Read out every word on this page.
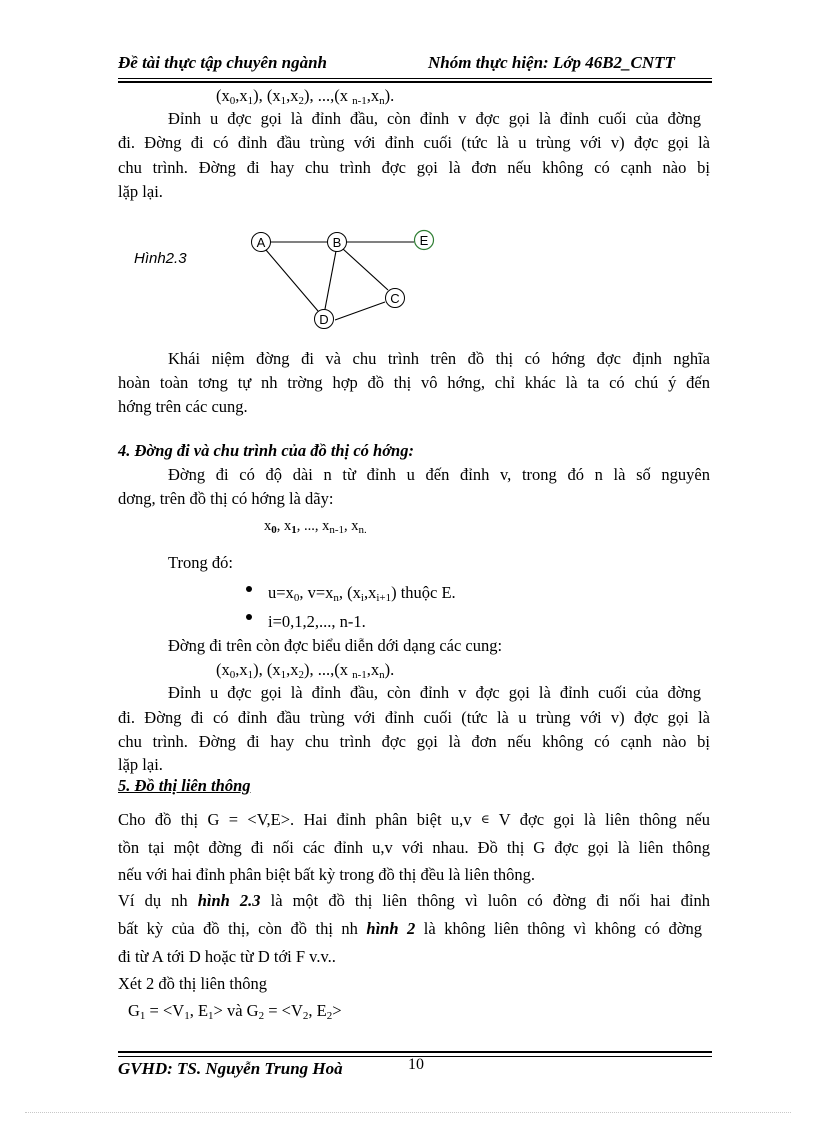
Đề tài thực tập chuyên ngành	Nhóm thực hiện: Lớp 46B2_CNTT
$(x_0,x_1)$, $(x_1,x_2)$, ...,(x $_{n-1},x_n$).
Đỉnh u đợc gọi là đỉnh đầu, còn đỉnh v đợc gọi là đỉnh cuối của đờng
đi. Đờng đi có đỉnh đầu trùng với đỉnh cuối (tức là u trùng với v) đợc gọi là
chu trình. Đờng đi hay chu trình đợc gọi là đơn nếu không có cạnh nào bị
lặp lại.
Hình2.3
A	B	E
C
D
Khái niệm đờng đi và chu trình trên đồ thị có hớng đợc định nghĩa
hoàn toàn tơng tự nh trờng hợp đồ thị vô hớng, chỉ khác là ta có chú ý đến
hớng trên các cung.
4. Đờng đi và chu trình của đồ thị có hớng:
Đờng đi có độ dài n từ đỉnh u đến đỉnh v, trong đó n là số nguyên
dơng, trên đồ thị có hớng là dãy:
$x_0$, $x_1$, ..., $x_{n-1}$, $x_{n.}$
Trong đó:
$u=x_0$, $v=x_n$, $(x_i,x_{i+1})$ thuộc E.
i=0,1,2,..., n-1.
Đờng đi trên còn đợc biểu diễn dới dạng các cung:
$(x_0,x_1)$, $(x_1,x_2)$, ...,(x $_{n-1},x_n$).
Đỉnh u đợc gọi là đỉnh đầu, còn đỉnh v đợc gọi là đỉnh cuối của đờng
đi. Đờng đi có đỉnh đầu trùng với đỉnh cuối (tức là u trùng với v) đợc gọi là
chu trình. Đờng đi hay chu trình đợc gọi là đơn nếu không có cạnh nào bị
lặp lại.
5. Đồ thị liên thông
Cho đồ thị G = <V,E>. Hai đỉnh phân biệt u,v ∈ V đợc gọi là liên thông nếu
tồn tại một đờng đi nối các đỉnh u,v với nhau. Đồ thị G đợc gọi là liên thông
nếu với hai đỉnh phân biệt bất kỳ trong đồ thị đều là liên thông.
Ví dụ nh hình 2.3 là một đồ thị liên thông vì luôn có đờng đi nối hai đỉnh
bất kỳ của đồ thị, còn đồ thị nh hình 2 là không liên thông vì không có đờng
đi từ A tới D hoặc từ D tới F v.v..
Xét 2 đồ thị liên thông
$G_1 = <V_1$, $E_1>$ và $G_2 = <V_2$, $E_2>$
GVHD: TS. Nguyễn Trung Hoà	10
